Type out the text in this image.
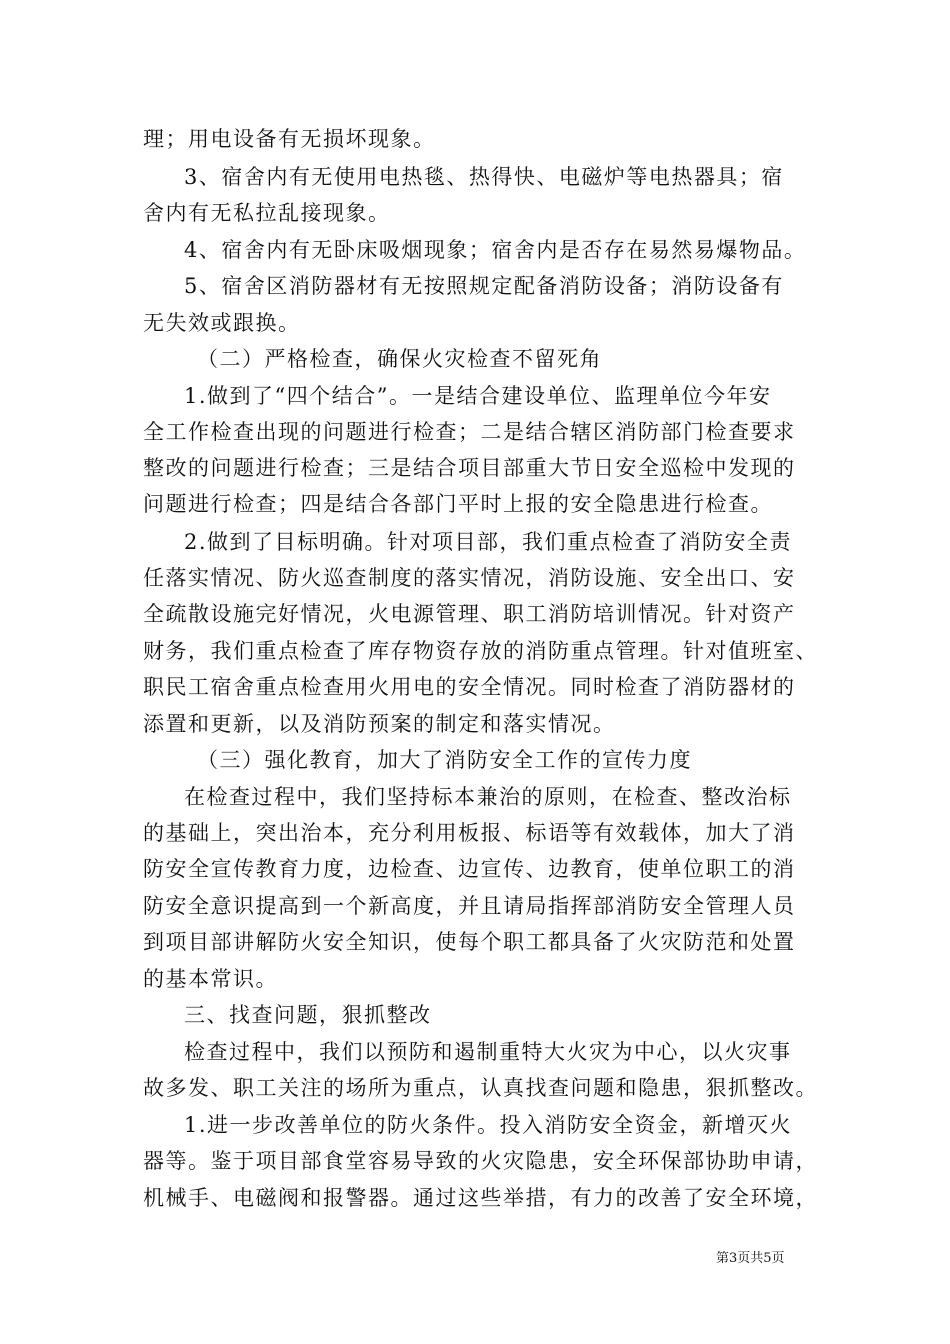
理；用电设备有无损坏现象。
3、宿舍内有无使用电热毯、热得快、电磁炉等电热器具；宿
舍内有无私拉乱接现象。
4、宿舍内有无卧床吸烟现象；宿舍内是否存在易然易爆物品。
5、宿舍区消防器材有无按照规定配备消防设备；消防设备有
无失效或跟换。
（二）严格检查，确保火灾检查不留死角
1.做到了“四个结合”。一是结合建设单位、监理单位今年安
全工作检查出现的问题进行检查；二是结合辖区消防部门检查要求
整改的问题进行检查；三是结合项目部重大节日安全巡检中发现的
问题进行检查；四是结合各部门平时上报的安全隐患进行检查。
2.做到了目标明确。针对项目部，我们重点检查了消防安全责
任落实情况、防火巡查制度的落实情况，消防设施、安全出口、安
全疏散设施完好情况，火电源管理、职工消防培训情况。针对资产
财务，我们重点检查了库存物资存放的消防重点管理。针对值班室、
职民工宿舍重点检查用火用电的安全情况。同时检查了消防器材的
添置和更新，以及消防预案的制定和落实情况。
（三）强化教育，加大了消防安全工作的宣传力度
在检查过程中，我们坚持标本兼治的原则，在检查、整改治标
的基础上，突出治本，充分利用板报、标语等有效载体，加大了消
防安全宣传教育力度，边检查、边宣传、边教育，使单位职工的消
防安全意识提高到一个新高度，并且请局指挥部消防安全管理人员
到项目部讲解防火安全知识，使每个职工都具备了火灾防范和处置
的基本常识。
三、找查问题，狠抓整改
检查过程中，我们以预防和遏制重特大火灾为中心，以火灾事
故多发、职工关注的场所为重点，认真找查问题和隐患，狠抓整改。
1.进一步改善单位的防火条件。投入消防安全资金，新增灭火
器等。鉴于项目部食堂容易导致的火灾隐患，安全环保部协助申请，
机械手、电磁阀和报警器。通过这些举措，有力的改善了安全环境，
第3页共5页
